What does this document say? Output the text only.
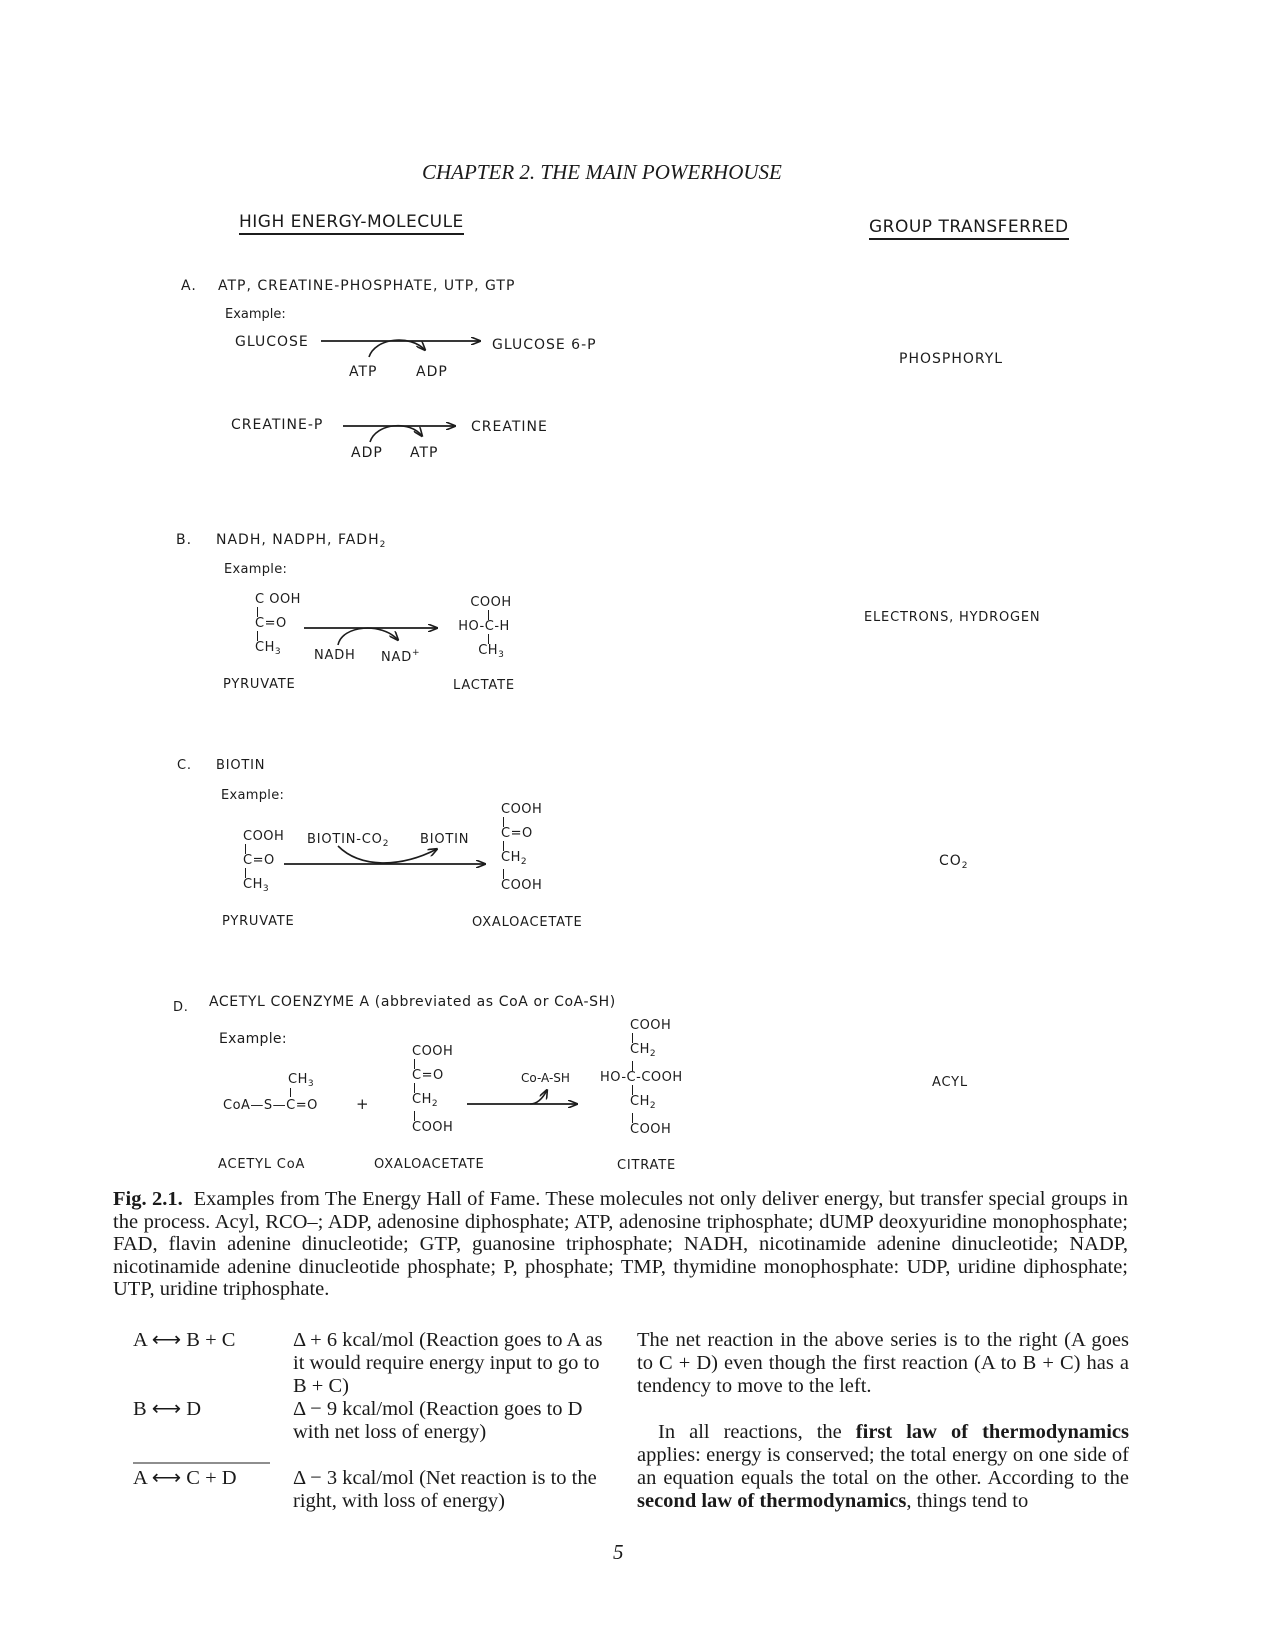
CHAPTER 2. THE MAIN POWERHOUSE
HIGH ENERGY-MOLECULE	GROUP TRANSFERRED
A. ATP, CREATINE-PHOSPHATE, UTP, GTP
Example:
GLUCOSE	GLUCOSE 6-P
ATP	ADP
CREATINE-P	CREATINE
ADP ATP
PHOSPHORYL
B. NADH, NADPH, $FADH_2$
Example:
C OOH
C=O
$CH_3$	NADH NAD+
COOH
HO-C-H
$CH_3$
PYRUVATE	LACTATE
ELECTRONS, HYDROGEN
C. BIOTIN
Example:
COOH
C=O
$CH_3$
BIOTIN-$CO_2$ BIOTIN
COOH
C=O
$CH_2$
COOH
PYRUVATE	OXALOACETATE
$CO_2$
D. ACETYL COENZYME A (abbreviated as CoA or CoA-SH)
Example:
$CH_3$
CoA—S—C=O	+
COOH
C=O
$CH_2$
COOH
Co-A-SH
COOH
$CH_2$
HO-C-COOH
$CH_2$
COOH
ACETYL CoA	OXALOACETATE	CITRATE
ACYL
Fig. 2.1. Examples from The Energy Hall of Fame. These molecules not only deliver energy, but transfer special groups in the process. Acyl, RCO–; ADP, adenosine diphosphate; ATP, adenosine triphosphate; dUMP deoxyuridine monophosphate; FAD, flavin adenine dinucleotide; GTP, guanosine triphosphate; NADH, nicotinamide adenine dinucleotide; NADP, nicotinamide adenine dinucleotide phosphate; P, phosphate; TMP, thymidine monophosphate: UDP, uridine diphosphate; UTP, uridine triphosphate.
A ⟷ B + C	Δ + 6 kcal/mol (Reaction goes to A as it would require energy input to go to B + C)
B ⟷ D	Δ − 9 kcal/mol (Reaction goes to D with net loss of energy)
A ⟷ C + D	Δ − 3 kcal/mol (Net reaction is to the right, with loss of energy)
The net reaction in the above series is to the right (A goes to C + D) even though the first reaction (A to B + C) has a tendency to move to the left.
In all reactions, the first law of thermodynamics applies: energy is conserved; the total energy on one side of an equation equals the total on the other. According to the second law of thermodynamics, things tend to
5
